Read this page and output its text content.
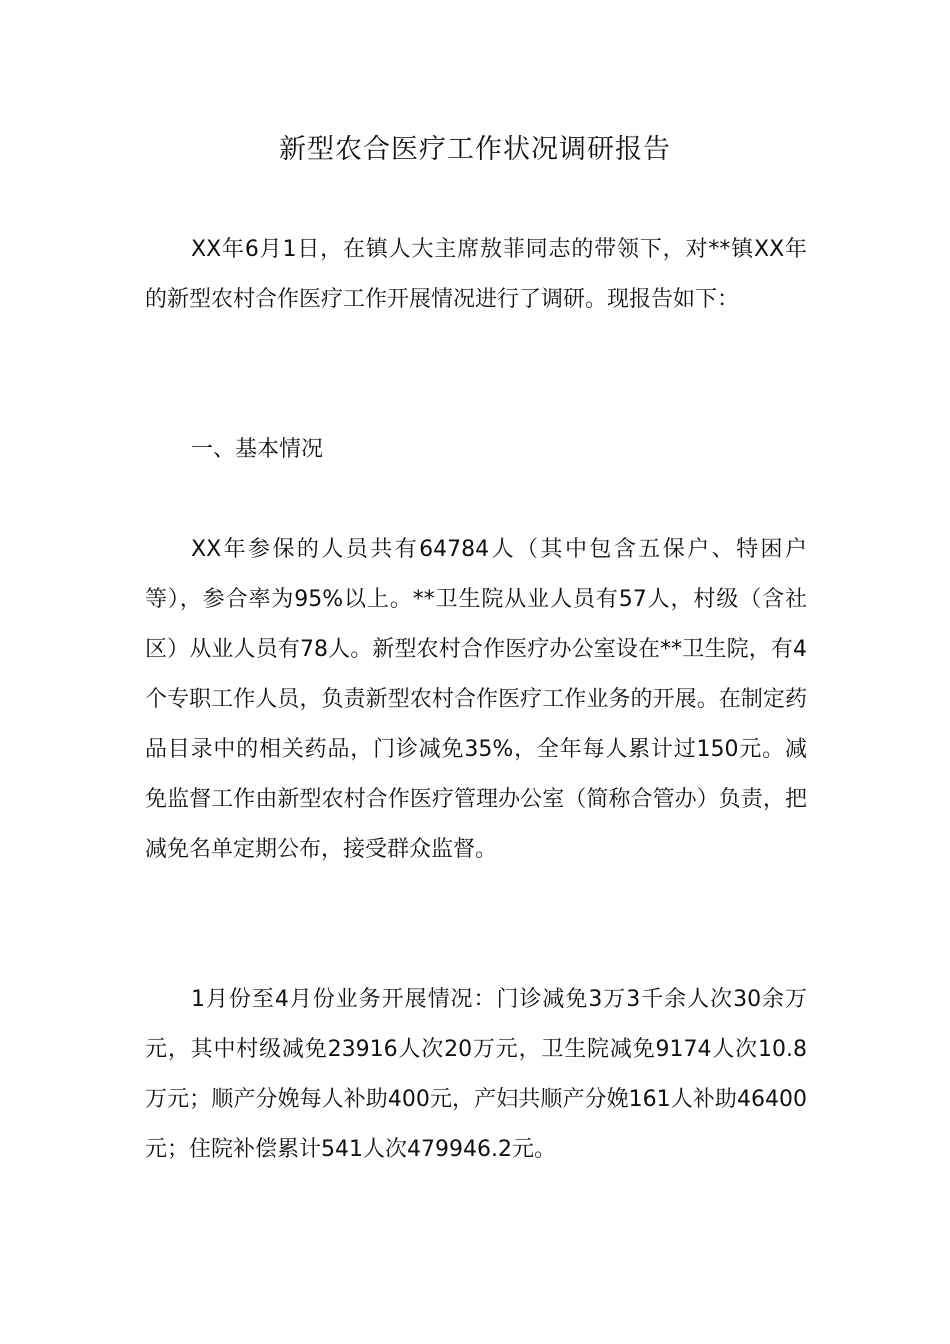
新型农合医疗工作状况调研报告

XX年6月1日，在镇人大主席敖菲同志的带领下，对**镇XX年的新型农村合作医疗工作开展情况进行了调研。现报告如下：

一、基本情况

XX年参保的人员共有64784人（其中包含五保户、特困户等），参合率为95%以上。**卫生院从业人员有57人，村级（含社区）从业人员有78人。新型农村合作医疗办公室设在**卫生院，有4个专职工作人员，负责新型农村合作医疗工作业务的开展。在制定药品目录中的相关药品，门诊减免35%，全年每人累计过150元。减免监督工作由新型农村合作医疗管理办公室（简称合管办）负责，把减免名单定期公布，接受群众监督。

1月份至4月份业务开展情况：门诊减免3万3千余人次30余万元，其中村级减免23916人次20万元，卫生院减免9174人次10.8万元；顺产分娩每人补助400元，产妇共顺产分娩161人补助46400元；住院补偿累计541人次479946.2元。
